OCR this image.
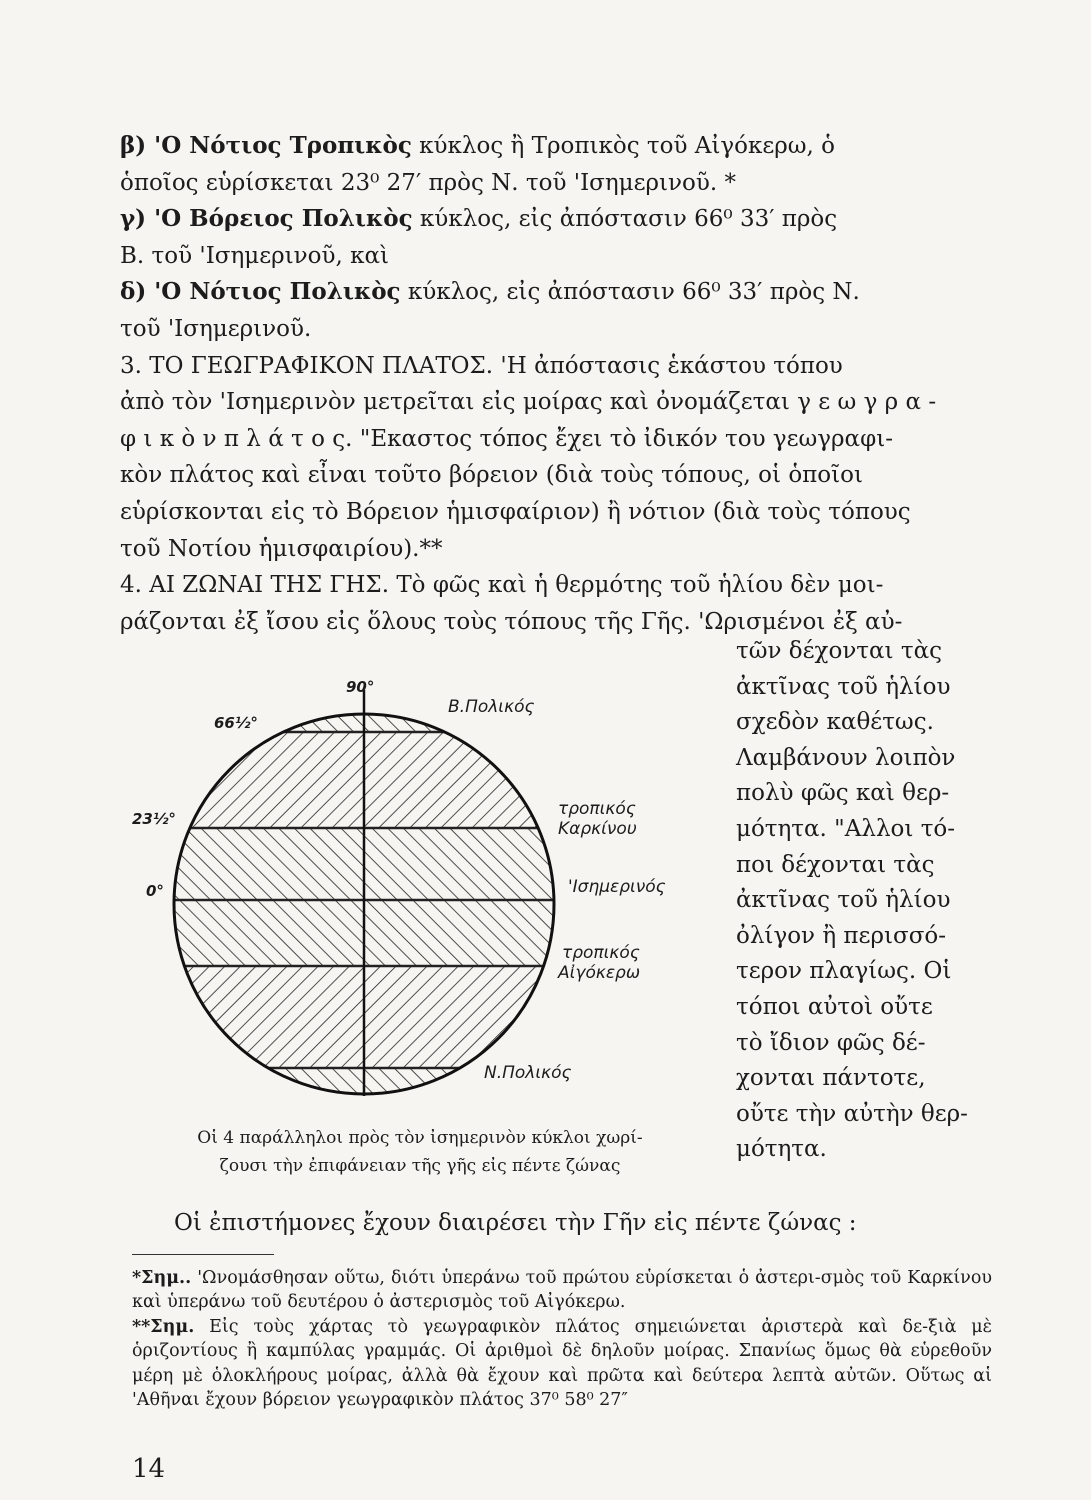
β) 'Ο Νότιος Τροπικὸς κύκλος ἢ Τροπικὸς τοῦ Αἰγόκερω, ὁ

ὁποῖος εὑρίσκεται 23⁰ 27′ πρὸς Ν. τοῦ 'Ισημερινοῦ. *

γ) 'Ο Βόρειος Πολικὸς κύκλος, εἰς ἀπόστασιν 66⁰ 33′ πρὸς

Β. τοῦ 'Ισημερινοῦ, καὶ

δ) 'Ο Νότιος Πολικὸς κύκλος, εἰς ἀπόστασιν 66⁰ 33′ πρὸς Ν.

τοῦ 'Ισημερινοῦ.

3. ΤΟ ΓΕΩΓΡΑΦΙΚΟΝ ΠΛΑΤΟΣ. 'Η ἀπόστασις ἑκάστου τόπου

ἀπὸ τὸν 'Ισημερινὸν μετρεῖται εἰς μοίρας καὶ ὀνομάζεται γ ε ω γ ρ α -

φ ι κ ὸ ν π λ ά τ ο ς. "Εκαστος τόπος ἔχει τὸ ἰδικόν του γεωγραφι-

κὸν πλάτος καὶ εἶναι τοῦτο βόρειον (διὰ τοὺς τόπους, οἱ ὁποῖοι

εὑρίσκονται εἰς τὸ Βόρειον ἡμισφαίριον) ἢ νότιον (διὰ τοὺς τόπους

τοῦ Νοτίου ἡμισφαιρίου).**

4. ΑΙ ΖΩΝΑΙ ΤΗΣ ΓΗΣ. Τὸ φῶς καὶ ἡ θερμότης τοῦ ἡλίου δὲν μοι-

ράζονται ἐξ ἴσου εἰς ὅλους τοὺς τόπους τῆς Γῆς. 'Ωρισμένοι ἐξ αὐ-

τῶν δέχονται τὰς

ἀκτῖνας τοῦ ἡλίου

σχεδὸν καθέτως.

Λαμβάνουν λοιπὸν

πολὺ φῶς καὶ θερ-

μότητα. "Αλλοι τό-

ποι δέχονται τὰς

ἀκτῖνας τοῦ ἡλίου

ὀλίγον ἢ περισσό-

τερον πλαγίως. Οἱ

τόποι αὐτοὶ οὔτε

τὸ ἴδιον φῶς δέ-

χονται πάντοτε,

οὔτε τὴν αὐτὴν θερ-

μότητα.

90°
66½°
23½°
0°
Β.Πολικός
τροπικός
Καρκίνου
'Ισημερινός
τροπικός
Αἰγόκερω
Ν.Πολικός
Οἱ 4 παράλληλοι πρὸς τὸν ἰσημερινὸν κύκλοι χωρί-
ζουσι τὴν ἐπιφάνειαν τῆς γῆς εἰς πέντε ζώνας
Οἱ ἐπιστήμονες ἔχουν διαιρέσει τὴν Γῆν εἰς πέντε ζώνας :

*Σημ.. 'Ωνομάσθησαν οὕτω, διότι ὑπεράνω τοῦ πρώτου εὑρίσκεται ὁ ἀστερι-σμὸς τοῦ Καρκίνου καὶ ὑπεράνω τοῦ δευτέρου ὁ ἀστερισμὸς τοῦ Αἰγόκερω.

**Σημ. Εἰς τοὺς χάρτας τὸ γεωγραφικὸν πλάτος σημειώνεται ἀριστερὰ καὶ δε-ξιὰ μὲ ὁριζοντίους ἢ καμπύλας γραμμάς. Οἱ ἀριθμοὶ δὲ δηλοῦν μοίρας. Σπανίως ὅμως θὰ εὑρεθοῦν μέρη μὲ ὁλοκλήρους μοίρας, ἀλλὰ θὰ ἔχουν καὶ πρῶτα καὶ δεύτερα λεπτὰ αὐτῶν. Οὕτως αἱ 'Αθῆναι ἔχουν βόρειον γεωγραφικὸν πλάτος 37⁰ 58⁰ 27″

14
